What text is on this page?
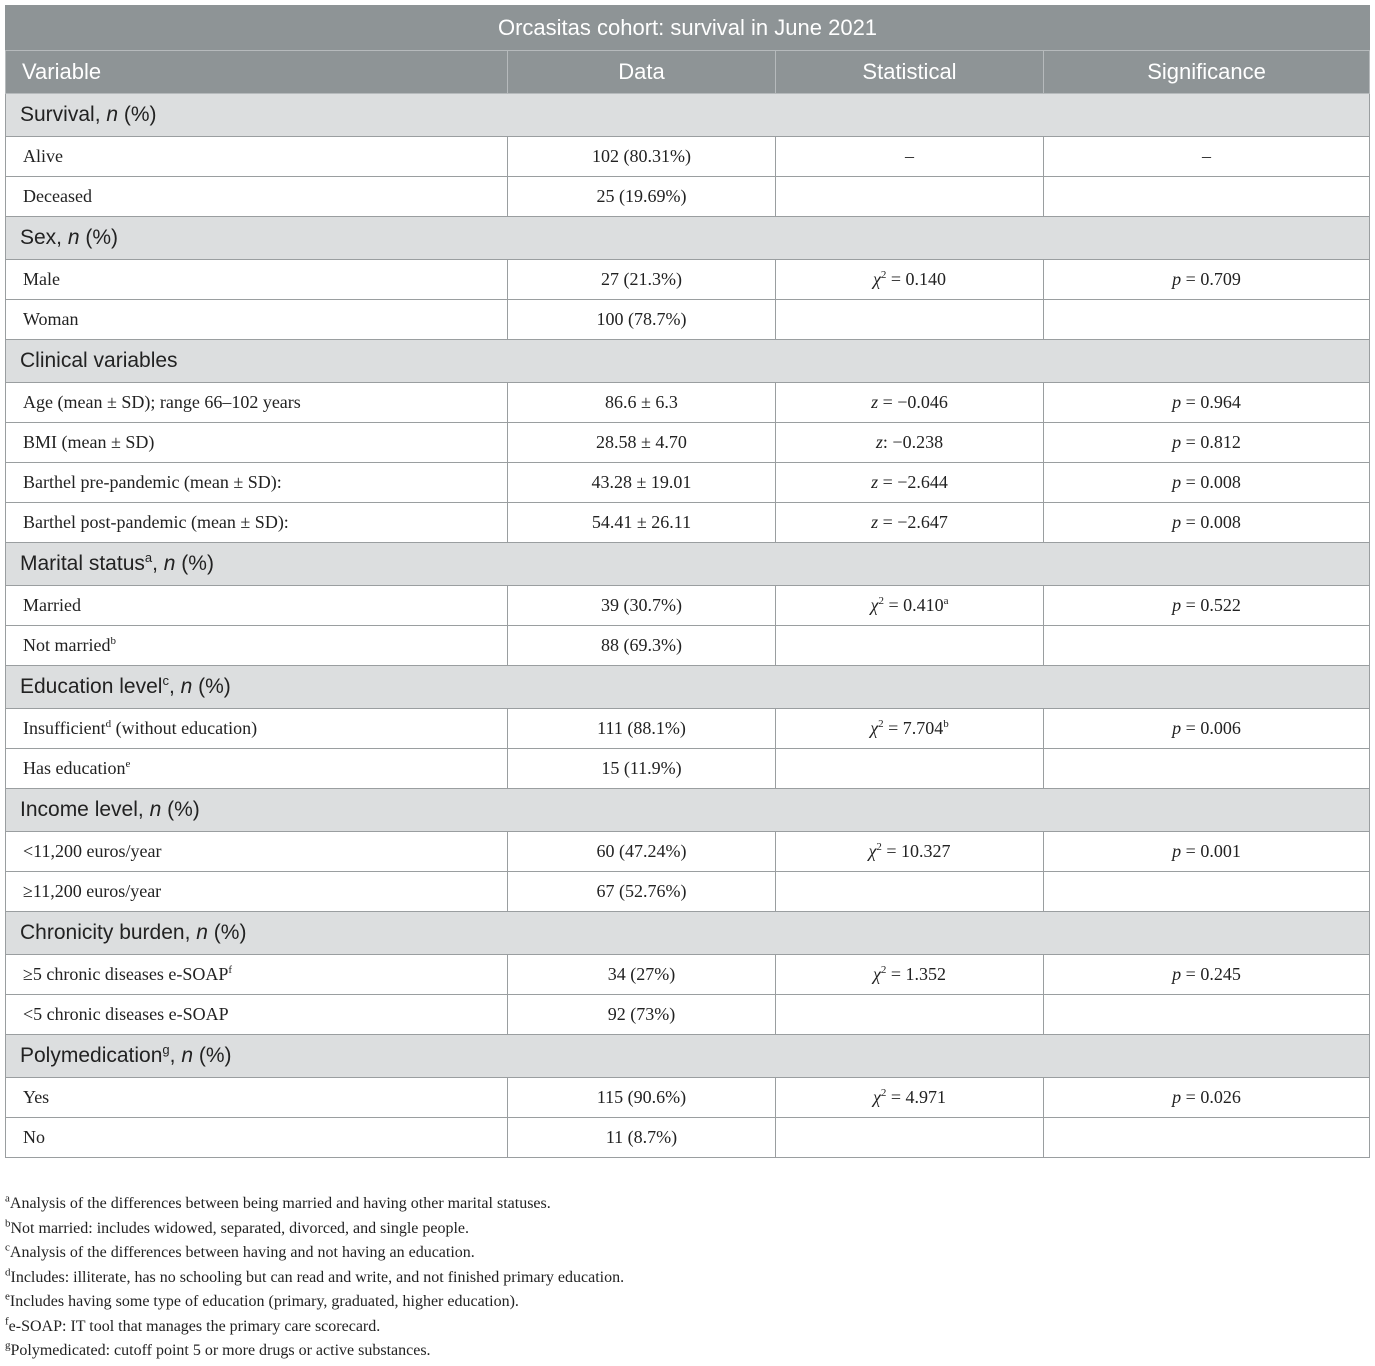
Orcasitas cohort: survival in June 2021			
Variable	Data	Statistical	Significance
Survival, n (%)			
Alive	102 (80.31%)	–	–
Deceased	25 (19.69%)		
Sex, n (%)			
Male	27 (21.3%)	$\chi^2 = 0.140$	p = 0.709
Woman	100 (78.7%)		
Clinical variables			
Age (mean ± SD); range 66–102 years	86.6 ± 6.3	z = −0.046	p = 0.964
BMI (mean ± SD)	28.58 ± 4.70	z: −0.238	p = 0.812
Barthel pre-pandemic (mean ± SD):	43.28 ± 19.01	z = −2.644	p = 0.008
Barthel post-pandemic (mean ± SD):	54.41 ± 26.11	z = −2.647	p = 0.008
Marital status$^a$, n (%)			
Married	39 (30.7%)	$\chi^2 = 0.410^a$	p = 0.522
Not married$^b$	88 (69.3%)		
Education level$^c$, n (%)			
Insufficient$^d$ (without education)	111 (88.1%)	$\chi^2 = 7.704^b$	p = 0.006
Has education$^e$	15 (11.9%)		
Income level, n (%)			
<11,200 euros/year	60 (47.24%)	$\chi^2 = 10.327$	p = 0.001
≥11,200 euros/year	67 (52.76%)		
Chronicity burden, n (%)			
≥5 chronic diseases e-SOAP$^f$	34 (27%)	$\chi^2 = 1.352$	p = 0.245
<5 chronic diseases e-SOAP	92 (73%)		
Polymedication$^g$, n (%)			
Yes	115 (90.6%)	$\chi^2 = 4.971$	p = 0.026
No	11 (8.7%)		
$^a$Analysis of the differences between being married and having other marital statuses.
$^b$Not married: includes widowed, separated, divorced, and single people.
$^c$Analysis of the differences between having and not having an education.
$^d$Includes: illiterate, has no schooling but can read and write, and not finished primary education.
$^e$Includes having some type of education (primary, graduated, higher education).
$^f$e-SOAP: IT tool that manages the primary care scorecard.
$^g$Polymedicated: cutoff point 5 or more drugs or active substances.
